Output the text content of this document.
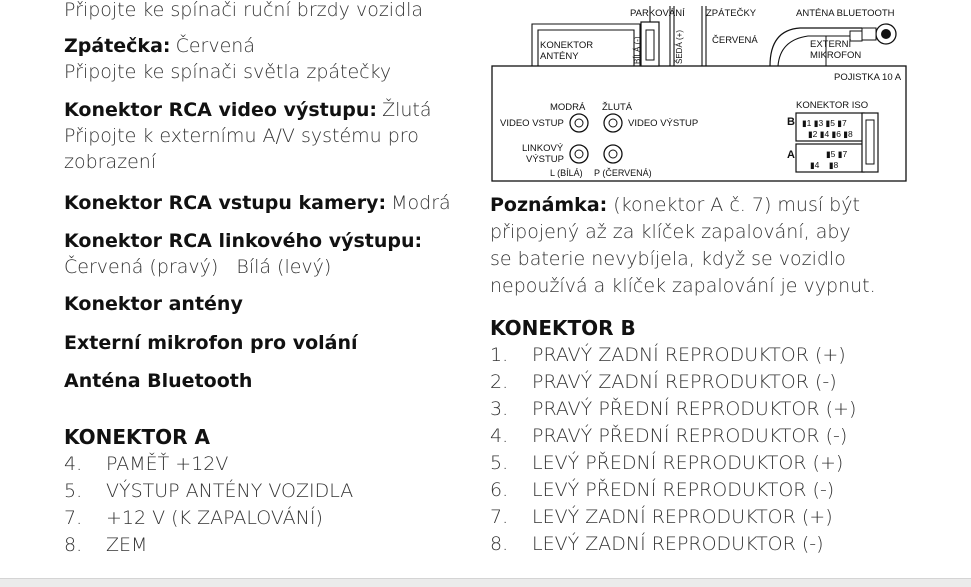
Připojte ke spínači ruční brzdy vozidla
Zpátečka: Červená
Připojte ke spínači světla zpátečky
Konektor RCA video výstupu: Žlutá
Připojte k externímu A/V systému pro
zobrazení
Konektor RCA vstupu kamery: Modrá
Konektor RCA linkového výstupu:
Červená (pravý)   Bílá (levý)
Konektor antény
Externí mikrofon pro volání
Anténa Bluetooth
KONEKTOR A
4. PAMĚŤ +12V
5. VÝSTUP ANTÉNY VOZIDLA
7. +12 V (K ZAPALOVÁNÍ)
8. ZEM
PARKOVÁNÍ ZPÁTEČKY	ANTÉNA BLUETOOTH
KONEKTOR
ANTÉNY	BÍLÁ (-)	ŠEDÁ (+)	ČERVENÁ	EXTERNÍ
MIKROFON
POJISTKA 10 A
MODRÁ ŽLUTÁ
VIDEO VSTUP	VIDEO VÝSTUP
LINKOVÝ
VÝSTUP
L (BÍLÁ) P (ČERVENÁ)
KONEKTOR ISO
B
A
▮1 ▮3 ▮5 ▮7
▮2 ▮4 ▮6 ▮8
▮5 ▮7
▮4    ▮8
Poznámka: (konektor A č. 7) musí být
připojený až za klíček zapalování, aby
se baterie nevybíjela, když se vozidlo
nepoužívá a klíček zapalování je vypnut.
KONEKTOR B
1. PRAVÝ ZADNÍ REPRODUKTOR (+)
2. PRAVÝ ZADNÍ REPRODUKTOR (-)
3. PRAVÝ PŘEDNÍ REPRODUKTOR (+)
4. PRAVÝ PŘEDNÍ REPRODUKTOR (-)
5. LEVÝ PŘEDNÍ REPRODUKTOR (+)
6. LEVÝ PŘEDNÍ REPRODUKTOR (-)
7. LEVÝ ZADNÍ REPRODUKTOR (+)
8. LEVÝ ZADNÍ REPRODUKTOR (-)
